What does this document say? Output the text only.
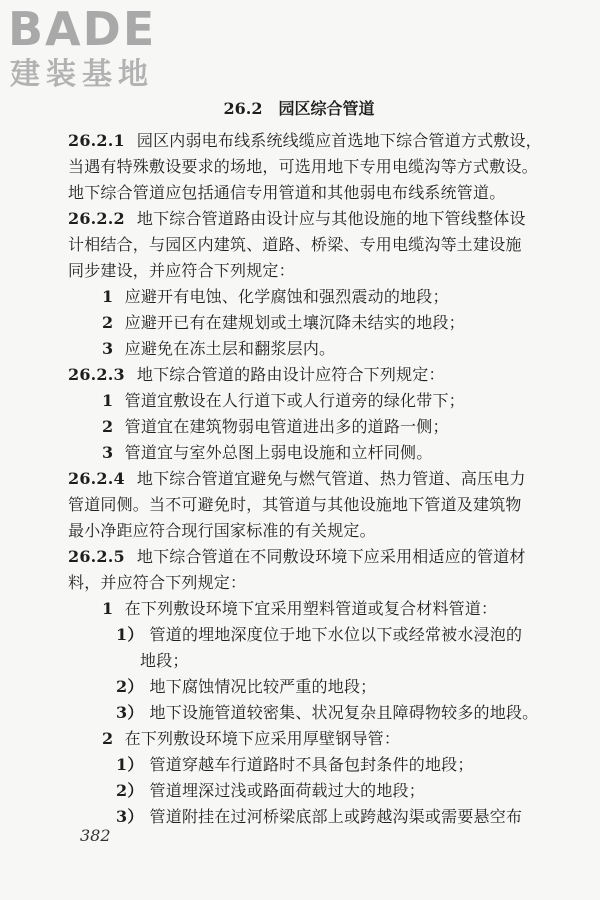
BADE
建装基地
26.2　 园区综合管道
26.2.1 园区内弱电布线系统线缆应首选地下综合管道方式敷设，
当遇有特殊敷设要求的场地，可选用地下专用电缆沟等方式敷设。
地下综合管道应包括通信专用管道和其他弱电布线系统管道。
26.2.2 地下综合管道路由设计应与其他设施的地下管线整体设
计相结合，与园区内建筑、道路、桥梁、专用电缆沟等土建设施
同步建设，并应符合下列规定：
1 应避开有电蚀、化学腐蚀和强烈震动的地段；
2 应避开已有在建规划或土壤沉降未结实的地段；
3 应避免在冻土层和翻浆层内。
26.2.3 地下综合管道的路由设计应符合下列规定：
1 管道宜敷设在人行道下或人行道旁的绿化带下；
2 管道宜在建筑物弱电管道进出多的道路一侧；
3 管道宜与室外总图上弱电设施和立杆同侧。
26.2.4 地下综合管道宜避免与燃气管道、热力管道、高压电力
管道同侧。当不可避免时，其管道与其他设施地下管道及建筑物
最小净距应符合现行国家标准的有关规定。
26.2.5 地下综合管道在不同敷设环境下应采用相适应的管道材
料，并应符合下列规定：
1 在下列敷设环境下宜采用塑料管道或复合材料管道：
1） 管道的埋地深度位于地下水位以下或经常被水浸泡的
地段；
2） 地下腐蚀情况比较严重的地段；
3） 地下设施管道较密集、状况复杂且障碍物较多的地段。
2 在下列敷设环境下应采用厚壁钢导管：
1） 管道穿越车行道路时不具备包封条件的地段；
2） 管道埋深过浅或路面荷载过大的地段；
3） 管道附挂在过河桥梁底部上或跨越沟渠或需要悬空布
382
